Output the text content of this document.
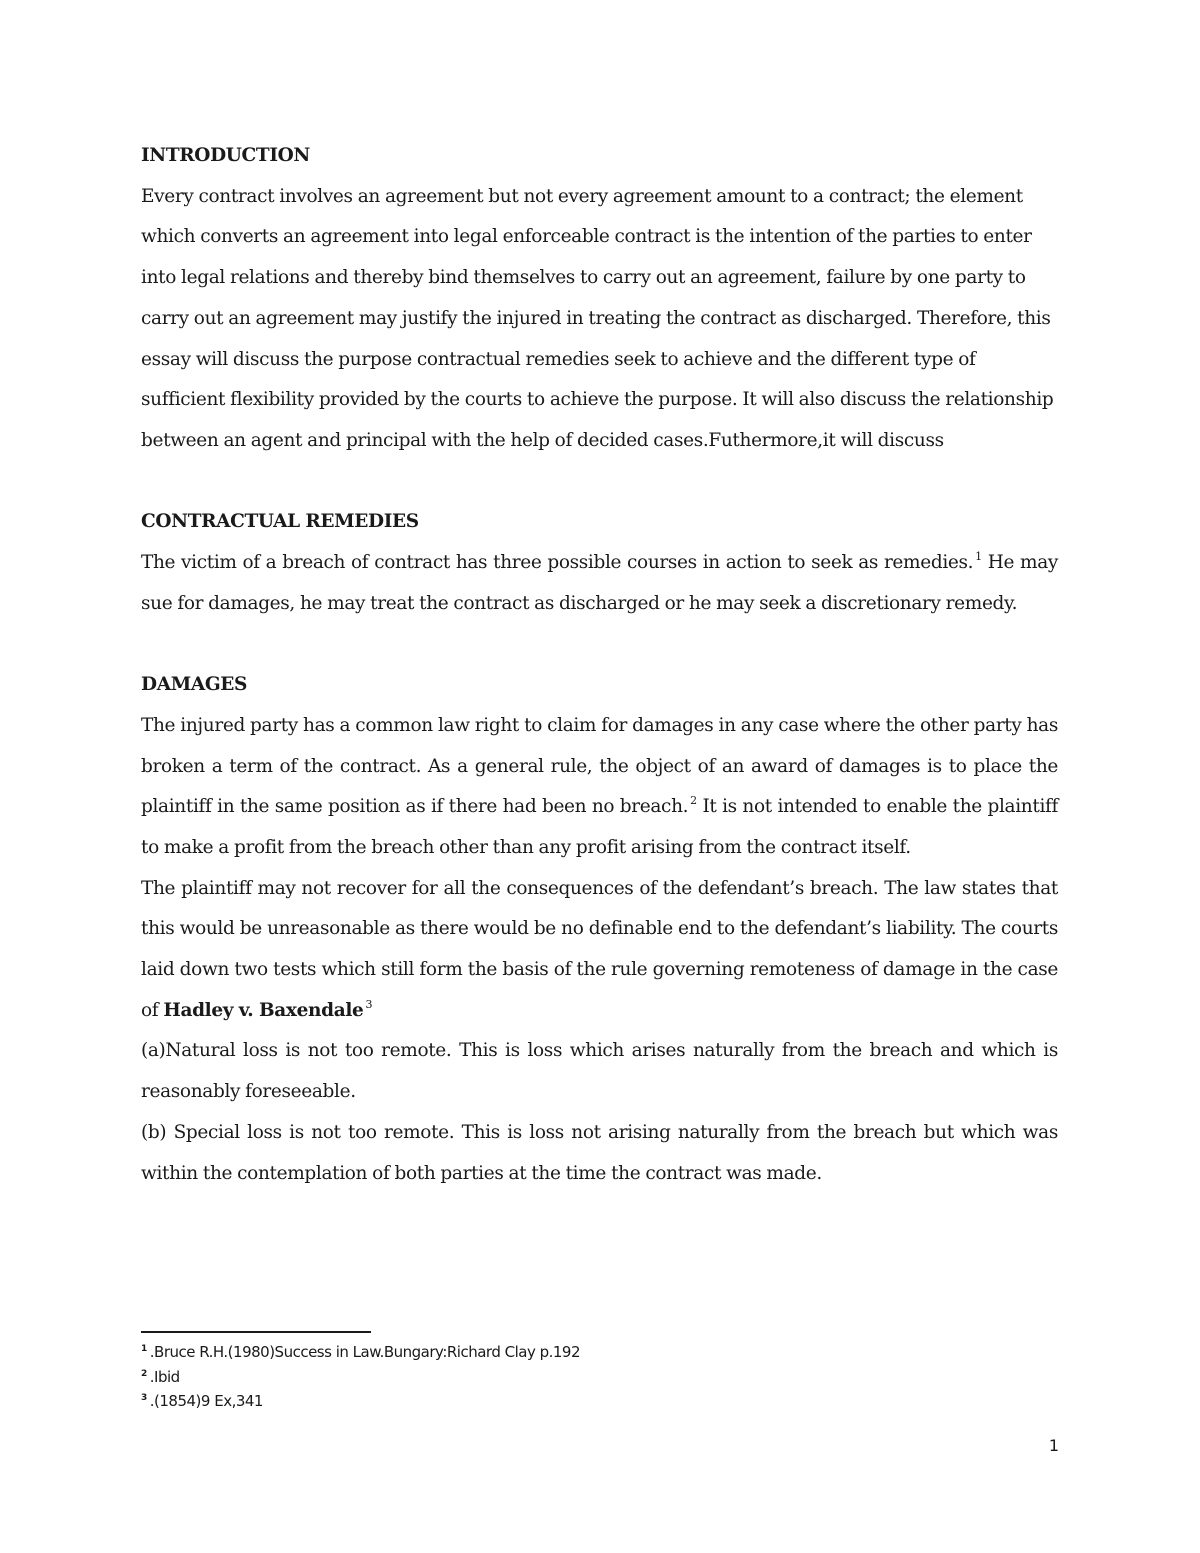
INTRODUCTION

Every contract involves an agreement but not every agreement amount to a contract; the element which converts an agreement into legal enforceable contract is the intention of the parties to enter into legal relations and thereby bind themselves to carry out an agreement, failure by one party to carry out an agreement may justify the injured in treating the contract as discharged. Therefore, this essay will discuss the purpose contractual remedies seek to achieve and the different type of sufficient flexibility provided by the courts to achieve the purpose. It will also discuss the relationship between an agent and principal with the help of decided cases.Futhermore,it will discuss

CONTRACTUAL REMEDIES

The victim of a breach of contract has three possible courses in action to seek as remedies. $^1$ He may sue for damages, he may treat the contract as discharged or he may seek a discretionary remedy.

DAMAGES

The injured party has a common law right to claim for damages in any case where the other party has broken a term of the contract. As a general rule, the object of an award of damages is to place the plaintiff in the same position as if there had been no breach. $^2$ It is not intended to enable the plaintiff to make a profit from the breach other than any profit arising from the contract itself.

The plaintiff may not recover for all the consequences of the defendant’s breach. The law states that this would be unreasonable as there would be no definable end to the defendant’s liability. The courts laid down two tests which still form the basis of the rule governing remoteness of damage in the case of Hadley v. Baxendale $^3$

(a)Natural loss is not too remote. This is loss which arises naturally from the breach and which is reasonably foreseeable.

(b) Special loss is not too remote. This is loss not arising naturally from the breach but which was within the contemplation of both parties at the time the contract was made.

$^1$ .Bruce R.H.(1980)Success in Law.Bungary:Richard Clay p.192
$^2$ .Ibid
$^3$ .(1854)9 Ex,341
1
